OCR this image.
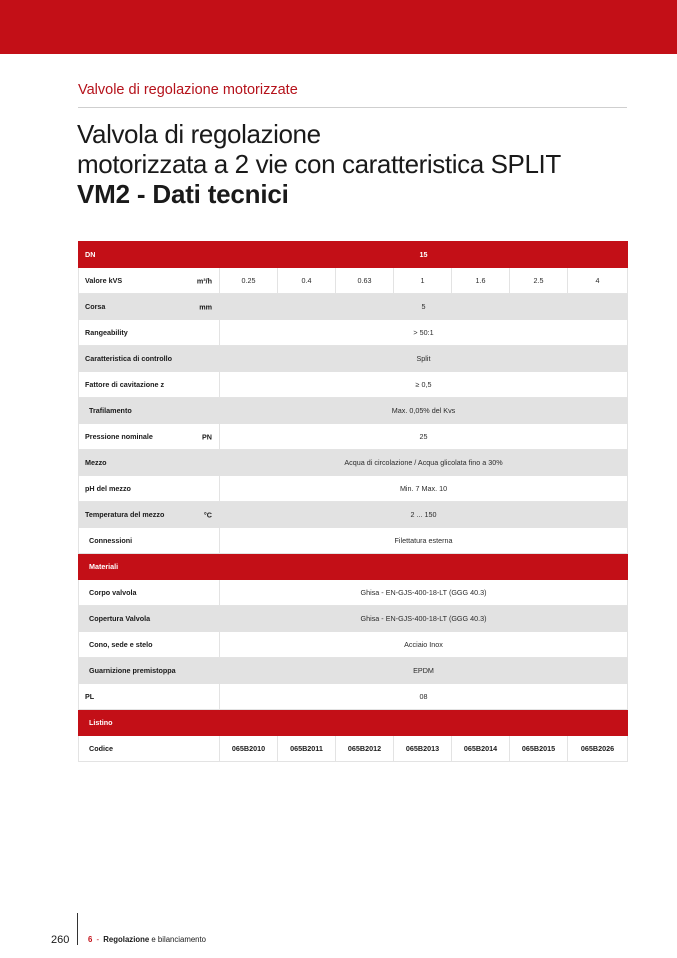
Valvole di regolazione motorizzate
Valvola di regolazione
motorizzata a 2 vie con caratteristica SPLIT
VM2 - Dati tecnici
DN	15						
Valore kVS m³/h	0.25	0.4	0.63	1	1.6	2.5	4
Corsa mm	5						
Rangeability	> 50:1						
Caratteristica di controllo	Split						
Fattore di cavitazione z	≥ 0,5						
Trafilamento	Max. 0,05% del Kvs						
Pressione nominale PN	25						
Mezzo	Acqua di circolazione / Acqua glicolata fino a 30%						
pH del mezzo	Min. 7 Max. 10						
Temperatura del mezzo °C	2 ... 150						
Connessioni	Filettatura esterna						
Materiali							
Corpo valvola	Ghisa - EN-GJS-400-18-LT (GGG 40.3)						
Copertura Valvola	Ghisa - EN-GJS-400-18-LT (GGG 40.3)						
Cono, sede e stelo	Acciaio Inox						
Guarnizione premistoppa	EPDM						
PL	08						
Listino							
Codice	065B2010	065B2011	065B2012	065B2013	065B2014	065B2015	065B2026
260 6 - Regolazione e bilanciamento
